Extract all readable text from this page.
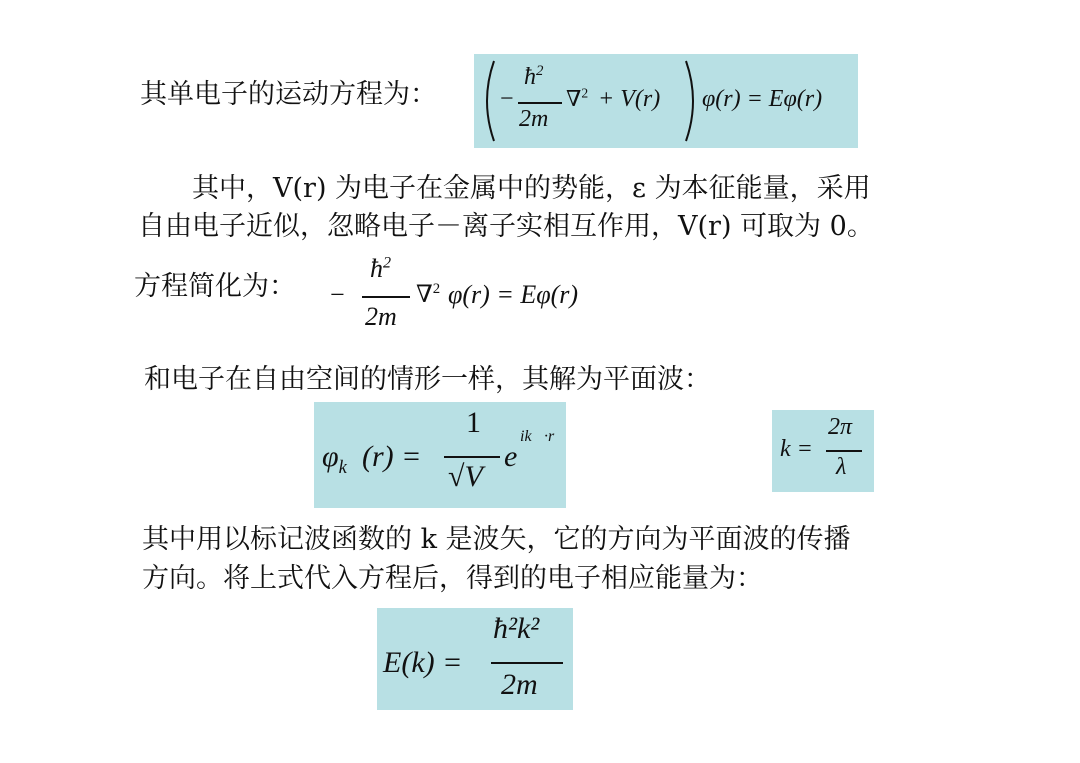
其单电子的运动方程为：	−
$ħ^2$
2m
∇$^2$ + V(r) φ(r) = Eφ(r)
其中，V(r) 为电子在金属中的势能，ε 为本征能量，采用
自由电子近似，忽略电子－离子实相互作用，V(r) 可取为 0。
方程简化为： −
$ħ^2$
2m
∇$^2$ φ(r) = Eφ(r)
和电子在自由空间的情形一样，其解为平面波：
$\varphi_k$ (r) =
1
√V
e
ik⃗·r⃗	k =
2π
λ
其中用以标记波函数的 k 是波矢，它的方向为平面波的传播
方向。将上式代入方程后，得到的电子相应能量为：
E(k) =
ħ²k²
2m
